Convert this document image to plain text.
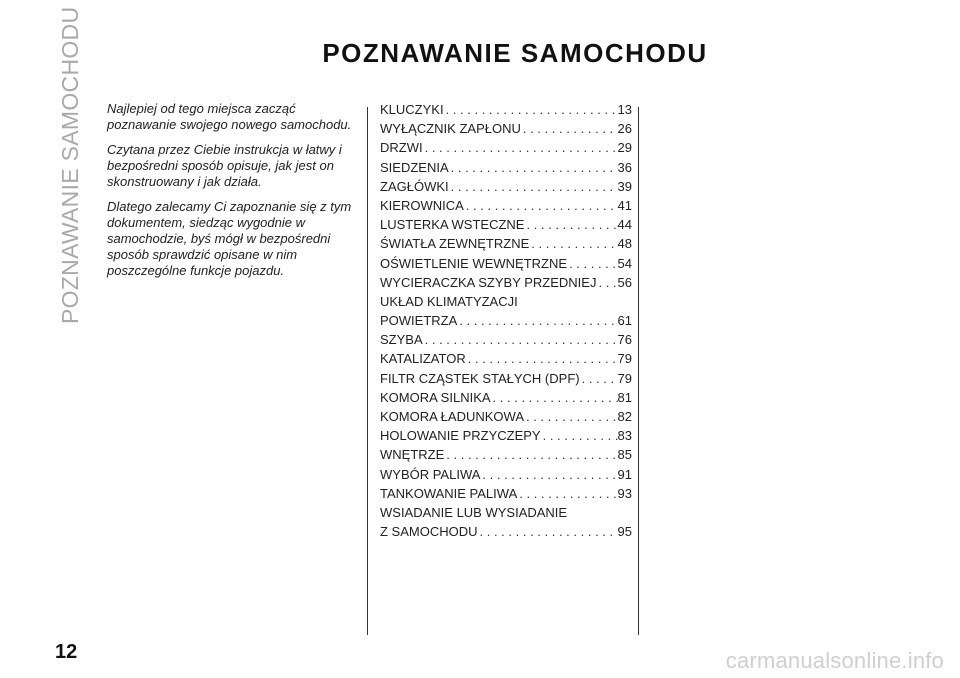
POZNAWANIE SAMOCHODU	POZNAWANIE SAMOCHODU

Najlepiej od tego miejsca zacząć poznawanie swojego nowego samochodu.

Czytana przez Ciebie instrukcja w łatwy i bezpośredni sposób opisuje, jak jest on skonstruowany i jak działa.

Dlatego zalecamy Ci zapoznanie się z tym dokumentem, siedząc wygodnie w samochodzie, byś mógł w bezpośredni sposób sprawdzić opisane w nim poszczególne funkcje pojazdu.

KLUCZYKI . . .	13
WYŁĄCZNIK ZAPŁONU . . .	26
DRZWI . . .	29
SIEDZENIA . . .	36
ZAGŁÓWKI . . .	39
KIEROWNICA . . .	41
LUSTERKA WSTECZNE . . .	44
ŚWIATŁA ZEWNĘTRZNE . . .	48
OŚWIETLENIE WEWNĘTRZNE . . .	54
WYCIERACZKA SZYBY PRZEDNIEJ . . . 56
UKŁAD KLIMATYZACJI
POWIETRZA . . .	61
SZYBA . . .	76
KATALIZATOR . . .	79
FILTR CZĄSTEK STAŁYCH (DPF) . . .	79
KOMORA SILNIKA . . .	81
KOMORA ŁADUNKOWA . . .	82
HOLOWANIE PRZYCZEPY . . .	83
WNĘTRZE . . .	85
WYBÓR PALIWA . . .	91
TANKOWANIE PALIWA . . .	93
WSIADANIE LUB WYSIADANIE
Z SAMOCHODU . . .	95
12	carmanualsonline.info
